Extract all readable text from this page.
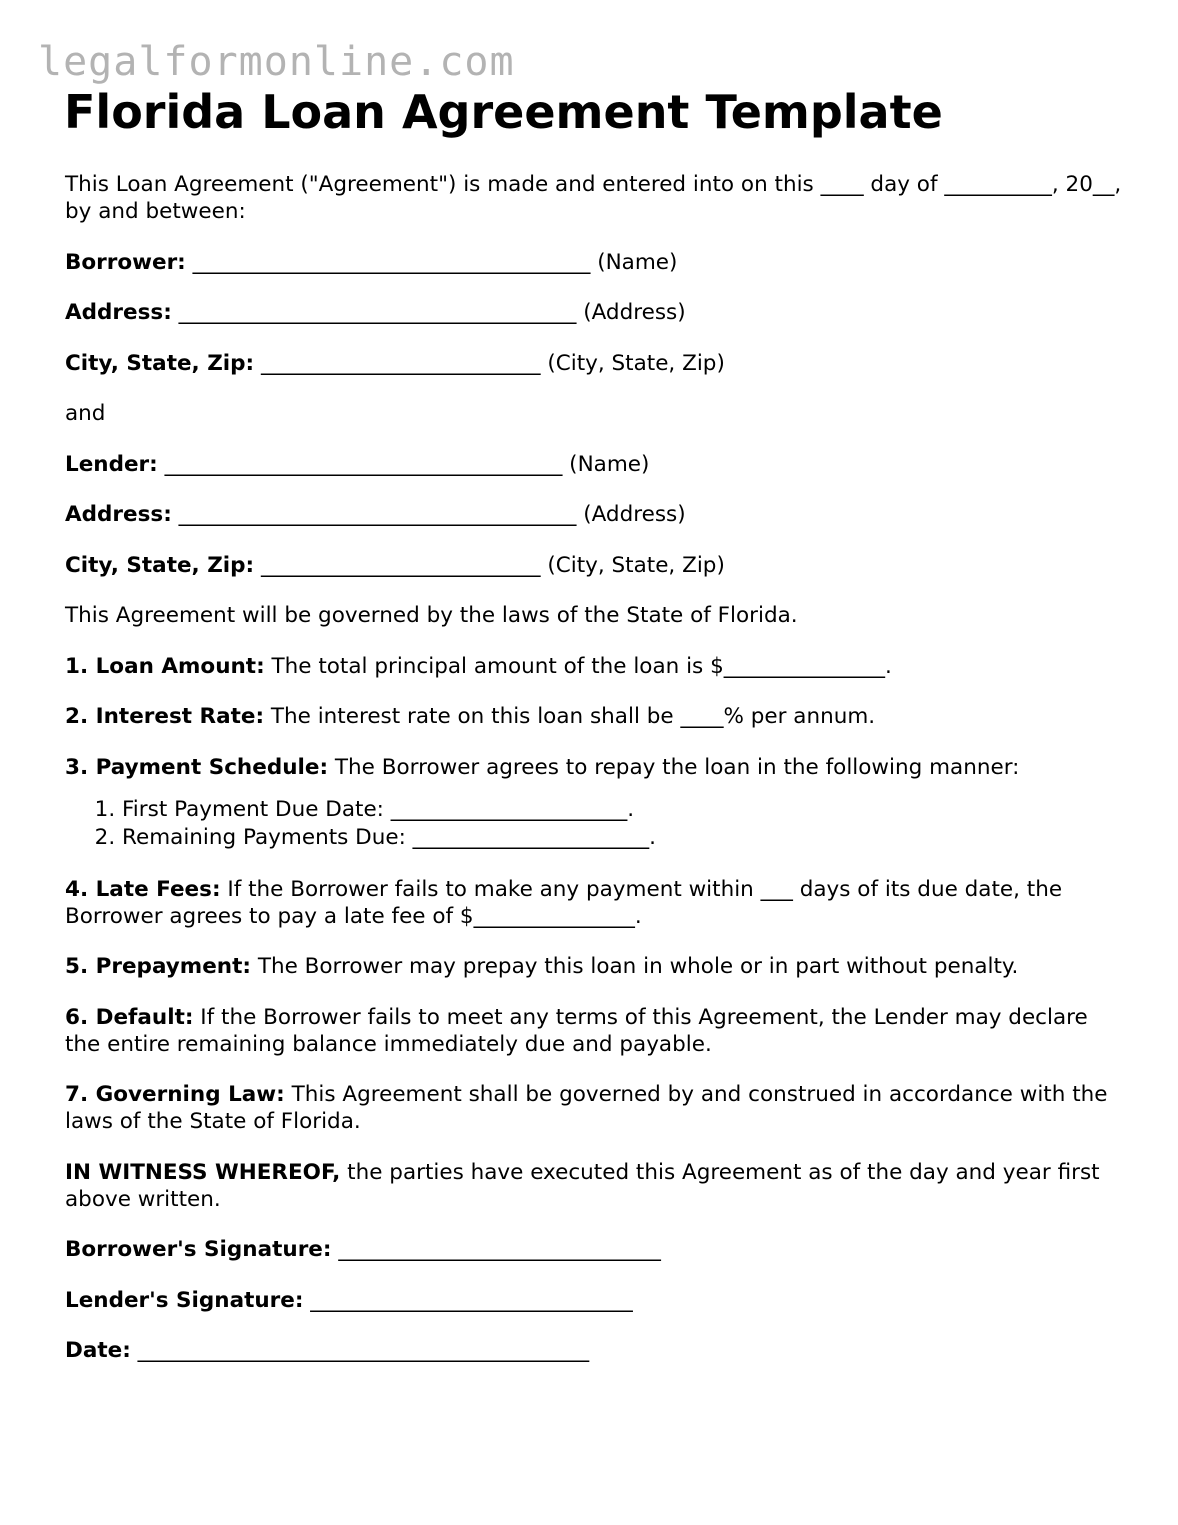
legalformonline.com
Florida Loan Agreement Template

This Loan Agreement ("Agreement") is made and entered into on this ____ day of __________, 20__, by and between:

Borrower: _____________________________________ (Name)

Address: _____________________________________ (Address)

City, State, Zip: __________________________ (City, State, Zip)

and

Lender: _____________________________________ (Name)

Address: _____________________________________ (Address)

City, State, Zip: __________________________ (City, State, Zip)

This Agreement will be governed by the laws of the State of Florida.

1. Loan Amount: The total principal amount of the loan is $_______________.

2. Interest Rate: The interest rate on this loan shall be ____% per annum.

3. Payment Schedule: The Borrower agrees to repay the loan in the following manner:

1. First Payment Due Date: ______________________.
2. Remaining Payments Due: ______________________.

4. Late Fees: If the Borrower fails to make any payment within ___ days of its due date, the Borrower agrees to pay a late fee of $_______________.

5. Prepayment: The Borrower may prepay this loan in whole or in part without penalty.

6. Default: If the Borrower fails to meet any terms of this Agreement, the Lender may declare the entire remaining balance immediately due and payable.

7. Governing Law: This Agreement shall be governed by and construed in accordance with the laws of the State of Florida.

IN WITNESS WHEREOF, the parties have executed this Agreement as of the day and year first above written.

Borrower's Signature: ______________________________

Lender's Signature: ______________________________

Date: __________________________________________
